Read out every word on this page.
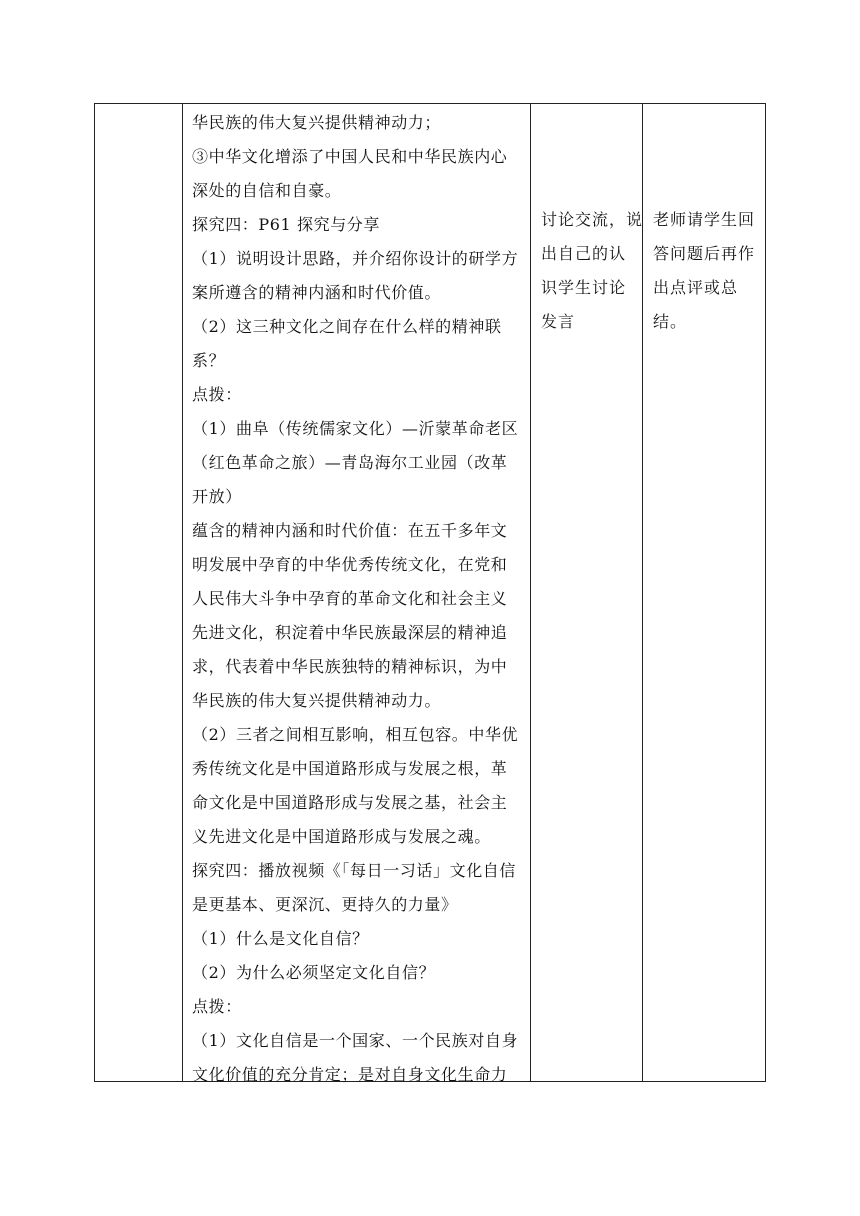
华民族的伟大复兴提供精神动力；
③中华文化增添了中国人民和中华民族内心
深处的自信和自豪。
探究四：P61 探究与分享
（1）说明设计思路，并介绍你设计的研学方
案所遵含的精神内涵和时代价值。
（2）这三种文化之间存在什么样的精神联
系？
点拨：
（1）曲阜（传统儒家文化）—沂蒙革命老区
（红色革命之旅）—青岛海尔工业园（改革
开放）
蕴含的精神内涵和时代价值：在五千多年文
明发展中孕育的中华优秀传统文化，在党和
人民伟大斗争中孕育的革命文化和社会主义
先进文化，积淀着中华民族最深层的精神追
求，代表着中华民族独特的精神标识，为中
华民族的伟大复兴提供精神动力。
（2）三者之间相互影响，相互包容。中华优
秀传统文化是中国道路形成与发展之根，革
命文化是中国道路形成与发展之基，社会主
义先进文化是中国道路形成与发展之魂。
探究四：播放视频《「每日一习话」文化自信
是更基本、更深沉、更持久的力量》
（1）什么是文化自信？
（2）为什么必须坚定文化自信？
点拨：
（1）文化自信是一个国家、一个民族对自身
文化价值的充分肯定；是对自身文化生命力
讨论交流，说
出自己的认
识学生讨论
发言
老师请学生回
答问题后再作
出点评或总
结。
